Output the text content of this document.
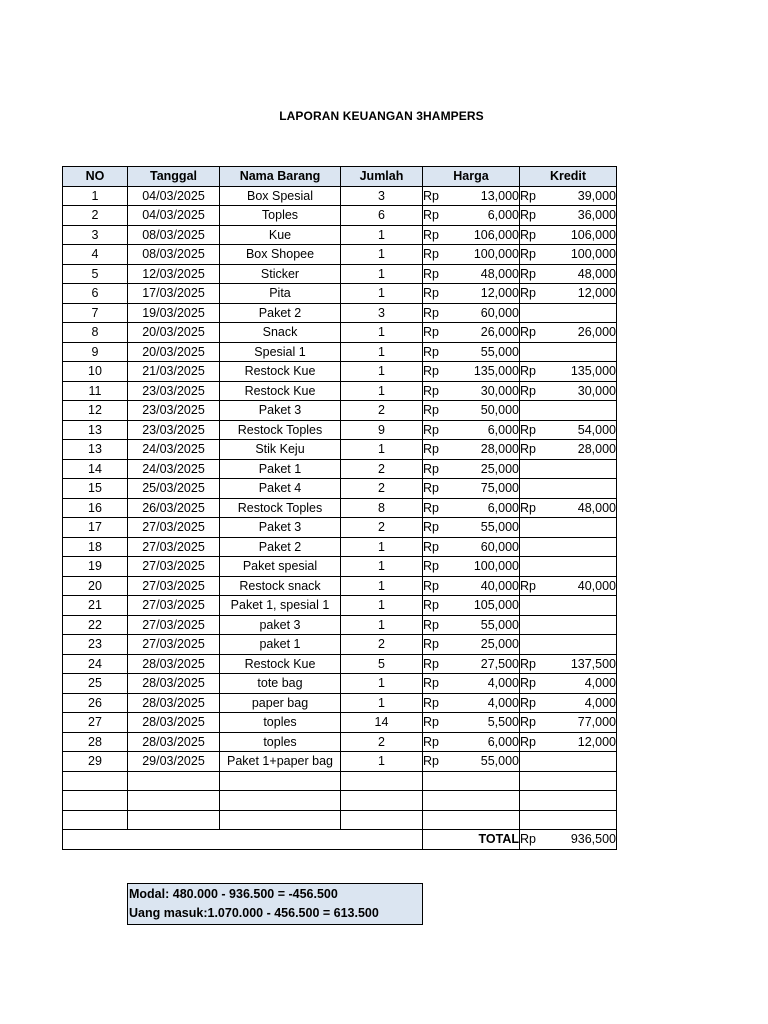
LAPORAN KEUANGAN 3HAMPERS
NO	Tanggal	Nama Barang	Jumlah	Harga		Kredit	
1	04/03/2025	Box Spesial	3	Rp	13,000	Rp	39,000
2	04/03/2025	Toples	6	Rp	6,000	Rp	36,000
3	08/03/2025	Kue	1	Rp	106,000	Rp	106,000
4	08/03/2025	Box Shopee	1	Rp	100,000	Rp	100,000
5	12/03/2025	Sticker	1	Rp	48,000	Rp	48,000
6	17/03/2025	Pita	1	Rp	12,000	Rp	12,000
7	19/03/2025	Paket 2	3	Rp	60,000		
8	20/03/2025	Snack	1	Rp	26,000	Rp	26,000
9	20/03/2025	Spesial 1	1	Rp	55,000		
10	21/03/2025	Restock Kue	1	Rp	135,000	Rp	135,000
11	23/03/2025	Restock Kue	1	Rp	30,000	Rp	30,000
12	23/03/2025	Paket 3	2	Rp	50,000		
13	23/03/2025	Restock Toples	9	Rp	6,000	Rp	54,000
13	24/03/2025	Stik Keju	1	Rp	28,000	Rp	28,000
14	24/03/2025	Paket 1	2	Rp	25,000		
15	25/03/2025	Paket 4	2	Rp	75,000		
16	26/03/2025	Restock Toples	8	Rp	6,000	Rp	48,000
17	27/03/2025	Paket 3	2	Rp	55,000		
18	27/03/2025	Paket 2	1	Rp	60,000		
19	27/03/2025	Paket spesial	1	Rp	100,000		
20	27/03/2025	Restock snack	1	Rp	40,000	Rp	40,000
21	27/03/2025	Paket 1, spesial 1	1	Rp	105,000		
22	27/03/2025	paket 3	1	Rp	55,000		
23	27/03/2025	paket 1	2	Rp	25,000		
24	28/03/2025	Restock Kue	5	Rp	27,500	Rp	137,500
25	28/03/2025	tote bag	1	Rp	4,000	Rp	4,000
26	28/03/2025	paper bag	1	Rp	4,000	Rp	4,000
27	28/03/2025	toples	14	Rp	5,500	Rp	77,000
28	28/03/2025	toples	2	Rp	6,000	Rp	12,000
29	29/03/2025	Paket 1+paper bag	1	Rp	55,000		

				TOTAL		Rp	936,500
Modal: 480.000 - 936.500 = -456.500
Uang masuk:1.070.000 - 456.500 = 613.500
